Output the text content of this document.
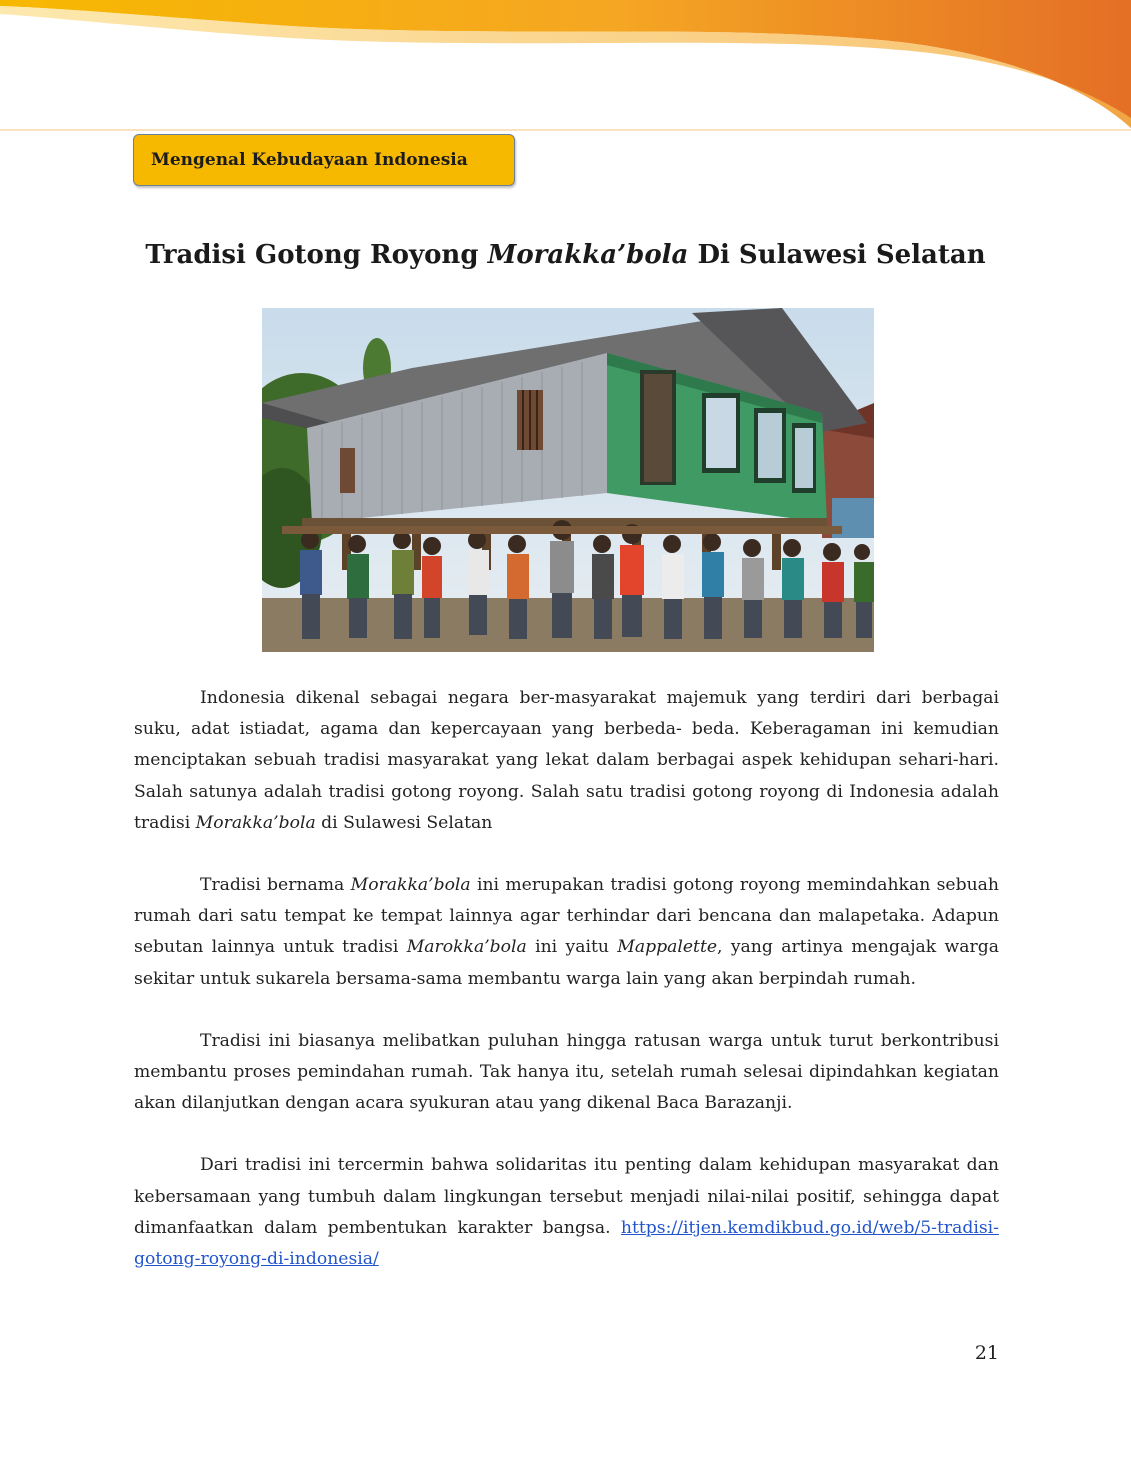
Mengenal Kebudayaan Indonesia
Tradisi Gotong Royong Morakka’bola Di Sulawesi Selatan

Indonesia dikenal sebagai negara ber-masyarakat majemuk yang terdiri dari berbagai suku, adat istiadat, agama dan kepercayaan yang berbeda- beda. Keberagaman ini kemudian menciptakan sebuah tradisi masyarakat yang lekat dalam berbagai aspek kehidupan sehari-hari. Salah satunya adalah tradisi gotong royong. Salah satu tradisi gotong royong di Indonesia adalah tradisi Morakka’bola di Sulawesi Selatan

Tradisi bernama Morakka’bola ini merupakan tradisi gotong royong memindahkan sebuah rumah dari satu tempat ke tempat lainnya agar terhindar dari bencana dan malapetaka. Adapun sebutan lainnya untuk tradisi Marokka’bola ini yaitu Mappalette, yang artinya mengajak warga sekitar untuk sukarela bersama-sama membantu warga lain yang akan berpindah rumah.

Tradisi ini biasanya melibatkan puluhan hingga ratusan warga untuk turut berkontribusi membantu proses pemindahan rumah. Tak hanya itu, setelah rumah selesai dipindahkan kegiatan akan dilanjutkan dengan acara syukuran atau yang dikenal Baca Barazanji.

Dari tradisi ini tercermin bahwa solidaritas itu penting dalam kehidupan masyarakat dan kebersamaan yang tumbuh dalam lingkungan tersebut menjadi nilai-nilai positif, sehingga dapat dimanfaatkan dalam pembentukan karakter bangsa. https://itjen.kemdikbud.go.id/web/5-tradisi-gotong-royong-di-indonesia/

21
